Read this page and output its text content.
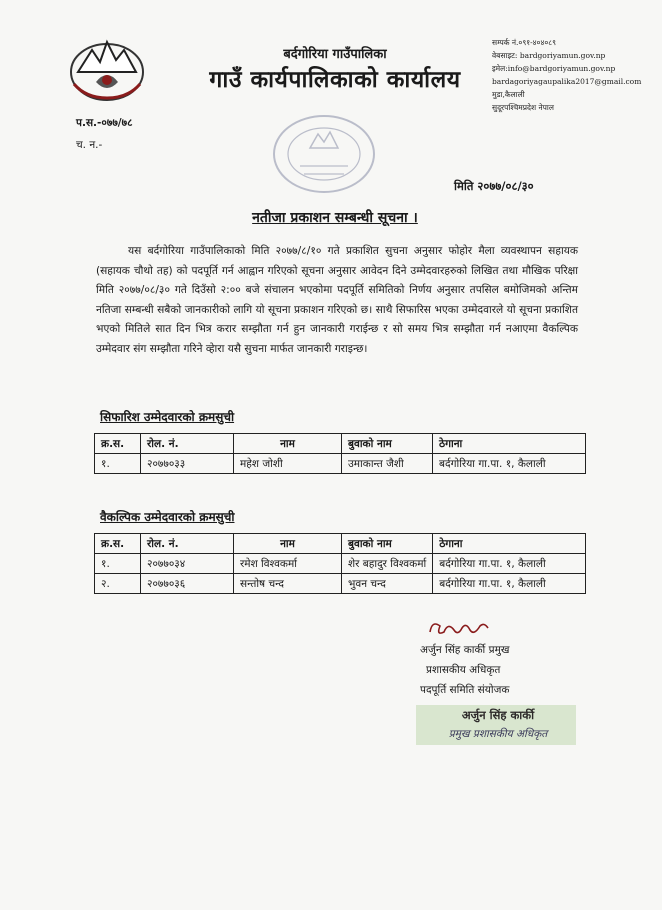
बर्दगोरिया गाउँपालिका
गाउँ कार्यपालिकाको कार्यालय
सम्पर्क नं.०९१-४०४०८९
वेबसाइट: bardgoriyamun.gov.np
इमेल:info@bardgoriyamun.gov.np
bardagoriyagaupalika2017@gmail.com
मुडा,कैलाली
सुदूरपश्चिमप्रदेश नेपाल
प.स.-०७७/७८
च. न.-
मिति २०७७/०८/३०
नतीजा प्रकाशन सम्बन्धी सूचना ।
यस बर्दगोरिया गाउँपालिकाको मिति २०७७/८/१० गते प्रकाशित सुचना अनुसार फोहोर मैला व्यवस्थापन सहायक (सहायक चौथो तह) को पदपूर्ति गर्न आह्वान गरिएको सूचना अनुसार आवेदन दिने उम्मेदवारहरुको लिखित तथा मौखिक परिक्षा मिति २०७७/०८/३० गते दिउँसो २:०० बजे संचालन भएकोमा पदपूर्ति समितिको निर्णय अनुसार तपसिल बमोजिमको अन्तिम नतिजा सम्बन्धी सबैको जानकारीको लागि यो सूचना प्रकाशन गरिएको छ। साथै सिफारिस भएका उम्मेदवारले यो सूचना प्रकाशित भएको मितिले सात दिन भित्र करार सम्झौता गर्न हुन जानकारी गराईन्छ र सो समय भित्र सम्झौता गर्न नआएमा वैकल्पिक उम्मेदवार संग सम्झौता गरिने व्हेारा यसै सुचना मार्फत जानकारी गराइन्छ।
सिफारिश उम्मेदवारको क्रमसुची
क्र.स.	रोल. नं.	नाम	बुवाको नाम	ठेगाना
१.	२०७७०३३	महेश जोशी	उमाकान्त जैशी	बर्दगोरिया गा.पा. १, कैलाली
वैकल्पिक उम्मेदवारको क्रमसुची
क्र.स.	रोल. नं.	नाम	बुवाको नाम	ठेगाना
१.	२०७७०३४	रमेश विश्वकर्मा	शेर बहादुर विश्वकर्मा	बर्दगोरिया गा.पा. १, कैलाली
२.	२०७७०३६	सन्तोष चन्द	भुवन चन्द	बर्दगोरिया गा.पा. १, कैलाली
अर्जुन सिंह कार्की प्रमुख
प्रशासकीय अधिकृत
पदपूर्ति समिति संयोजक
अर्जुन सिंह कार्की
प्रमुख प्रशासकीय अधिकृत
